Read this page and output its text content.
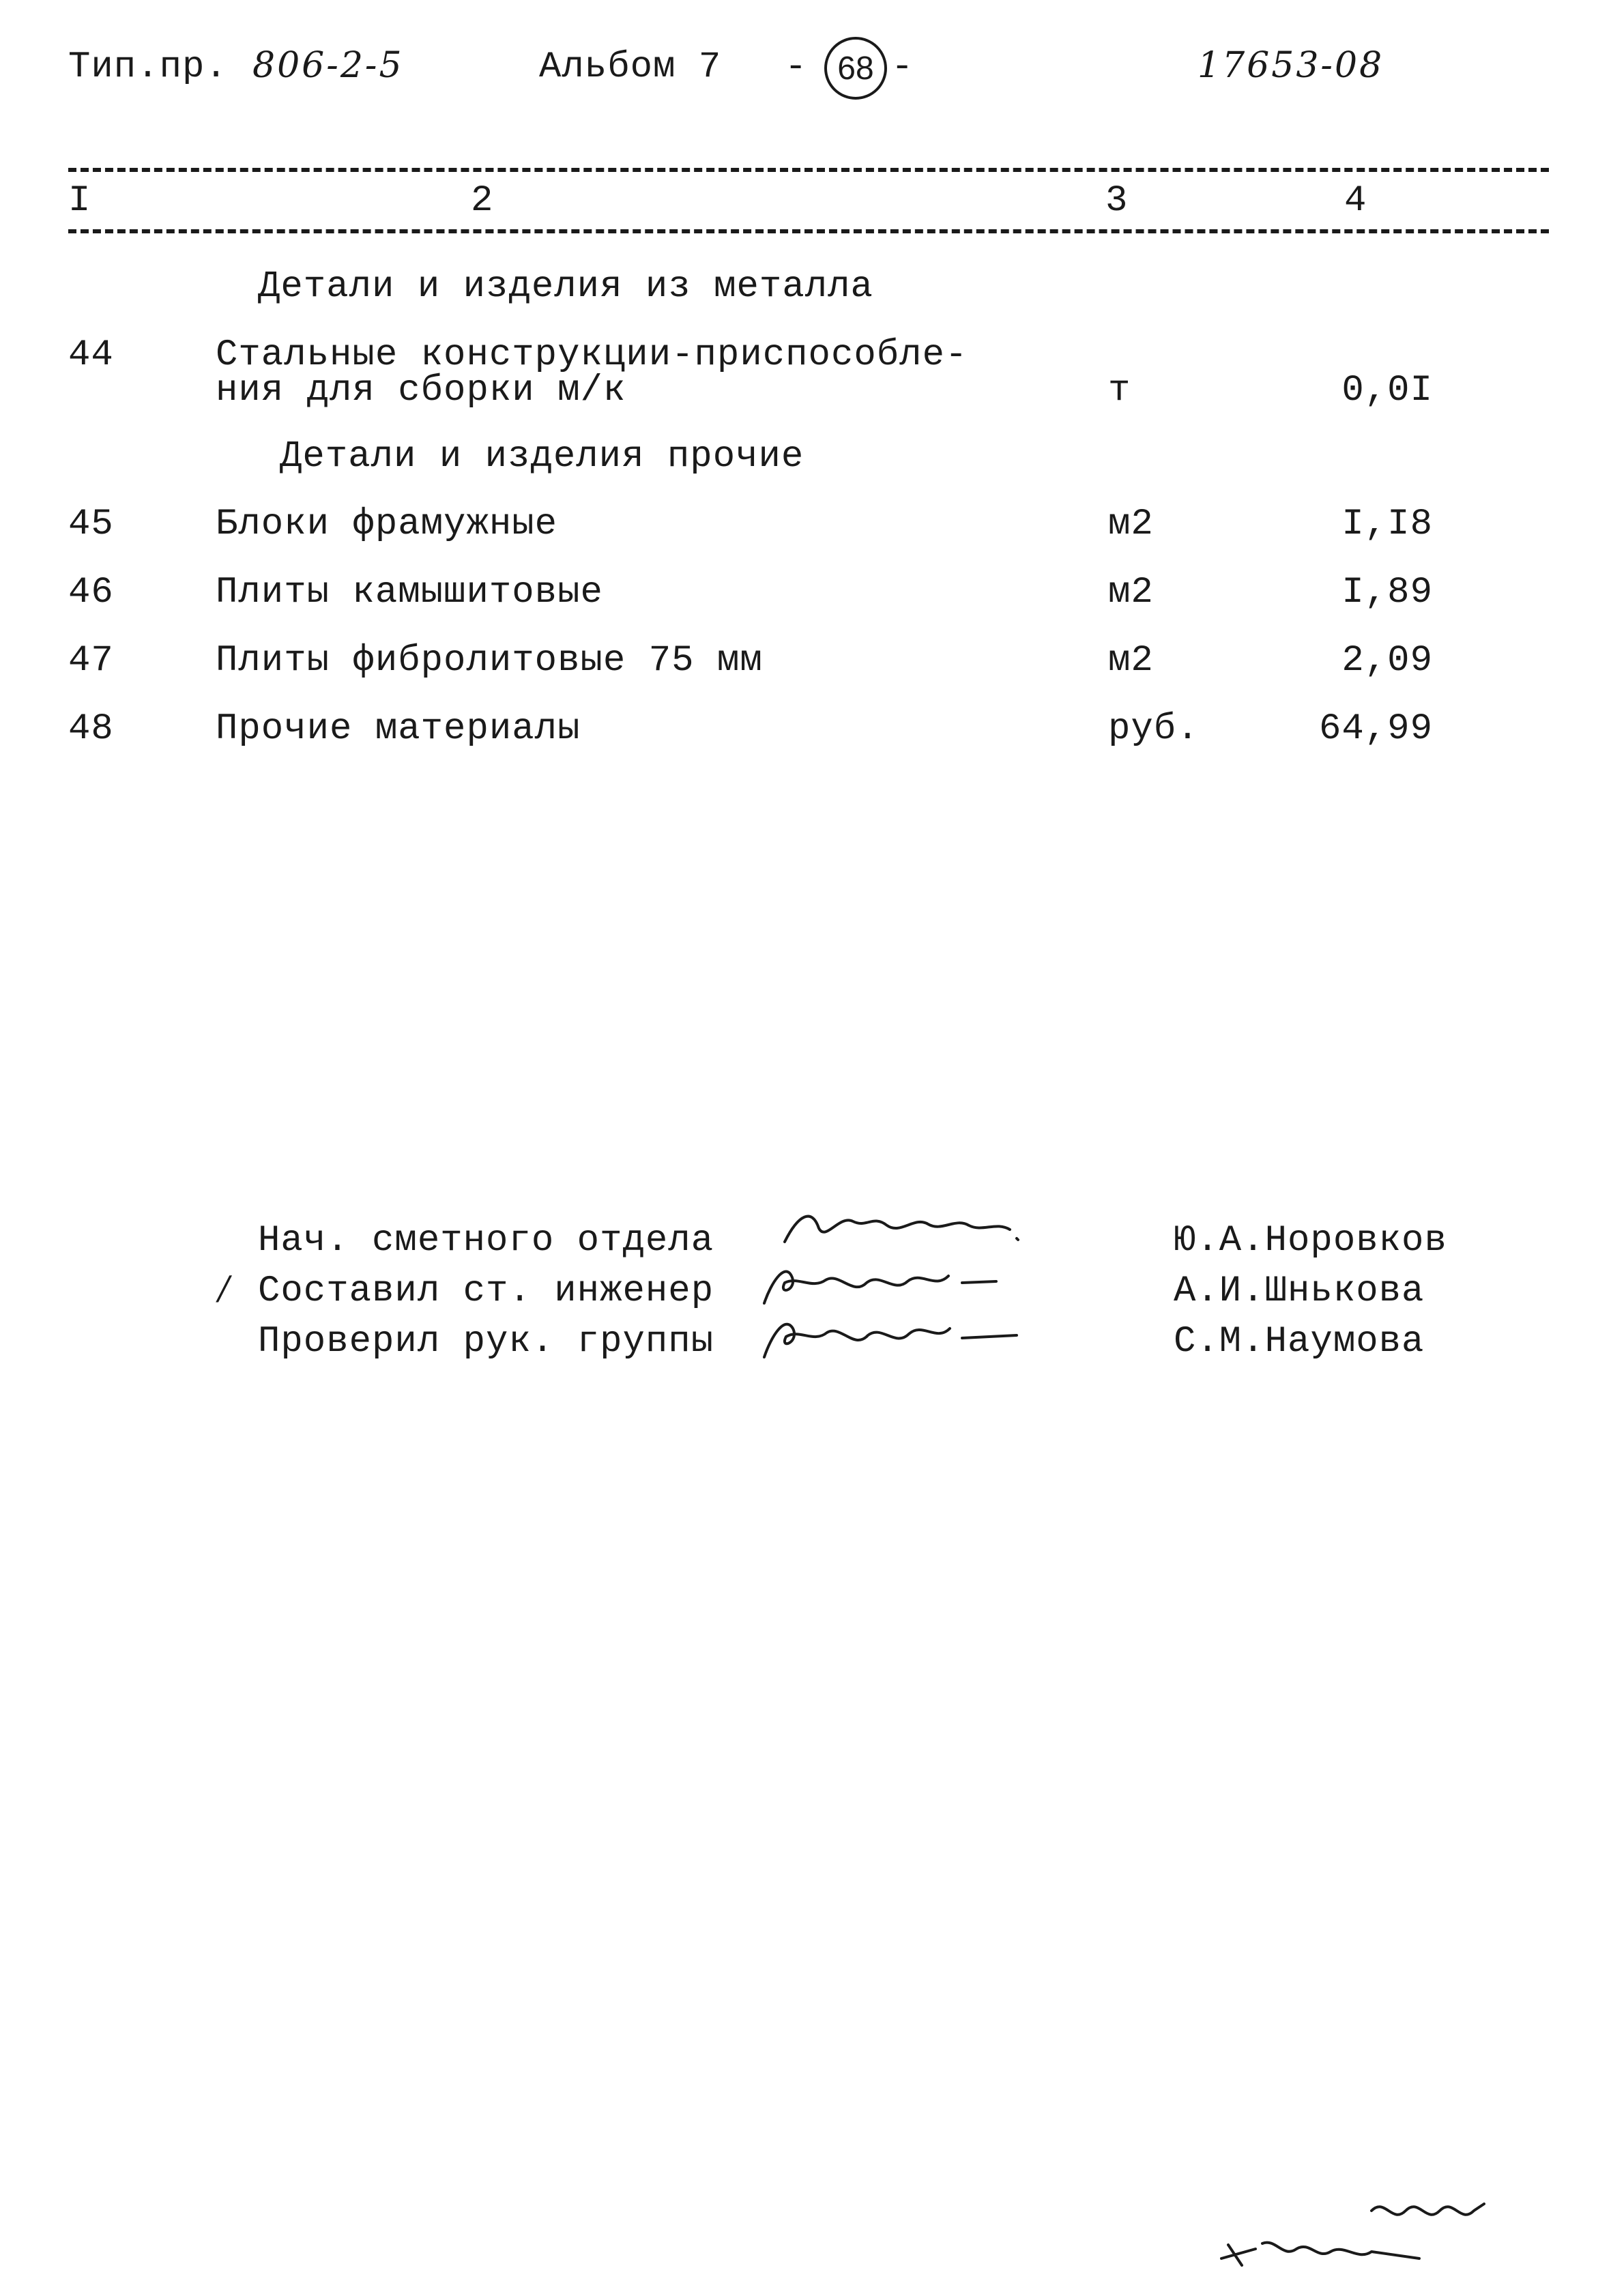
Тип.пр. 806-2-5	Альбом 7 - 68 -	17653-08
I	2	3	4
Детали и изделия из металла
44	Стальные конструкции-приспособле-
ния для сборки м/к	т	0,0I
Детали и изделия прочие
45	Блоки фрамужные	м2	I,I8
46	Плиты камышитовые	м2	I,89
47	Плиты фибролитовые 75 мм	м2	2,09
48	Прочие материалы	руб.	64,99
Нач. сметного отдела	Ю.А.Норовков
/ Составил ст. инженер	А.И.Шнькова
Проверил рук. группы	С.М.Наумова
